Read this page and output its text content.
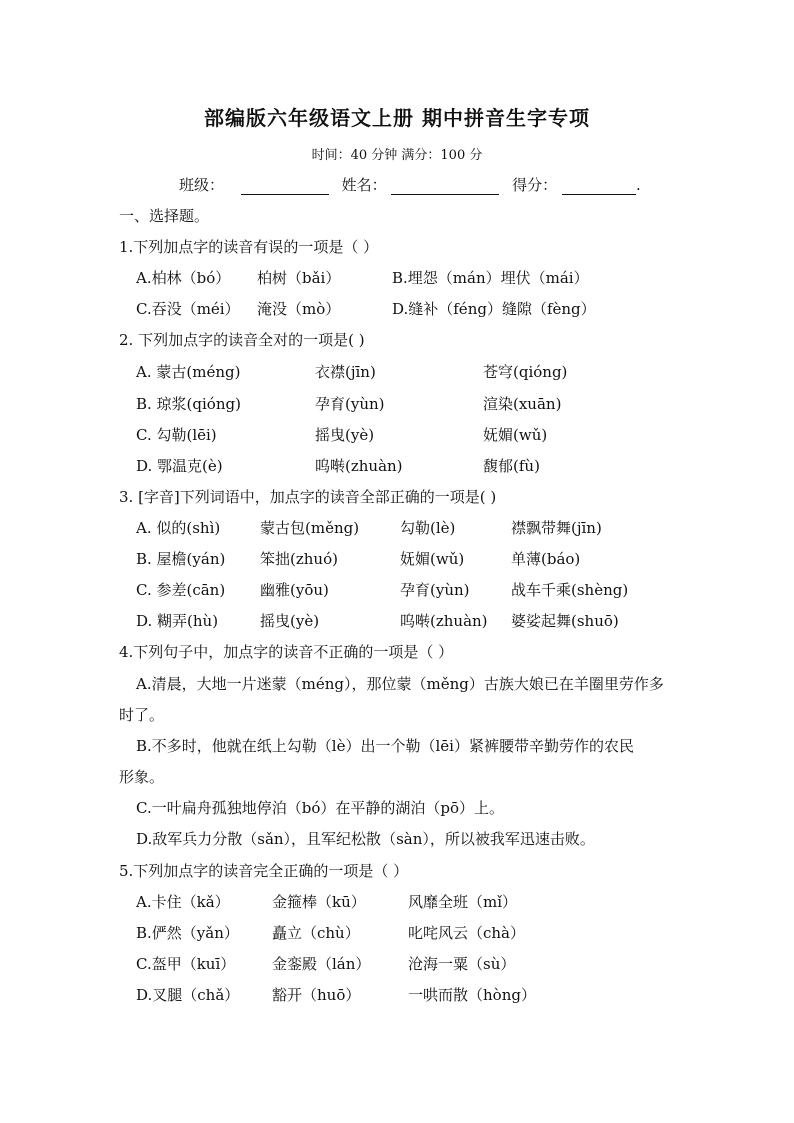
部编版六年级语文上册 期中拼音生字专项
时间：40 分钟 满分：100 分
班级：	姓名：	得分：	.
一、选择题。
1.下列加点字的读音有误的一项是（ ）
A.柏林（bó） 柏树（bǎi）	B.埋怨（mán）埋伏（mái）
C.吞没（méi） 淹没（mò）	D.缝补（féng）缝隙（fèng）
2. 下列加点字的读音全对的一项是( )
A. 蒙古(méng)	衣襟(jīn)	苍穹(qióng)
B. 琼浆(qióng)	孕育(yùn)	渲染(xuān)
C. 勾勒(lēi)	摇曳(yè)	妩媚(wǔ)
D. 鄂温克(è)	呜啭(zhuàn)	馥郁(fù)
3. [字音]下列词语中，加点字的读音全部正确的一项是( )
A. 似的(shì)	蒙古包(měng)	勾勒(lè)	襟飘带舞(jīn)
B. 屋檐(yán) 笨拙(zhuó)	妩媚(wǔ)	单薄(báo)
C. 参差(cān) 幽雅(yōu)	孕育(yùn)	战车千乘(shèng)
D. 糊弄(hù)	摇曳(yè)	呜啭(zhuàn) 婆娑起舞(shuō)
4.下列句子中，加点字的读音不正确的一项是（ ）
A.清晨，大地一片迷蒙（méng），那位蒙（měng）古族大娘已在羊圈里劳作多
时了。
B.不多时，他就在纸上勾勒（lè）出一个勒（lēi）紧裤腰带辛勤劳作的农民
形象。
C.一叶扁舟孤独地停泊（bó）在平静的湖泊（pō）上。
D.敌军兵力分散（sǎn），且军纪松散（sàn），所以被我军迅速击败。
5.下列加点字的读音完全正确的一项是（ ）
A.卡住（kǎ）	金箍棒（kū）	风靡全班（mǐ）
B.俨然（yǎn） 矗立（chù）	叱咤风云（chà）
C.盔甲（kuī） 金銮殿（lán）	沧海一粟（sù）
D.叉腿（chǎ） 豁开（huō）	一哄而散（hòng）
